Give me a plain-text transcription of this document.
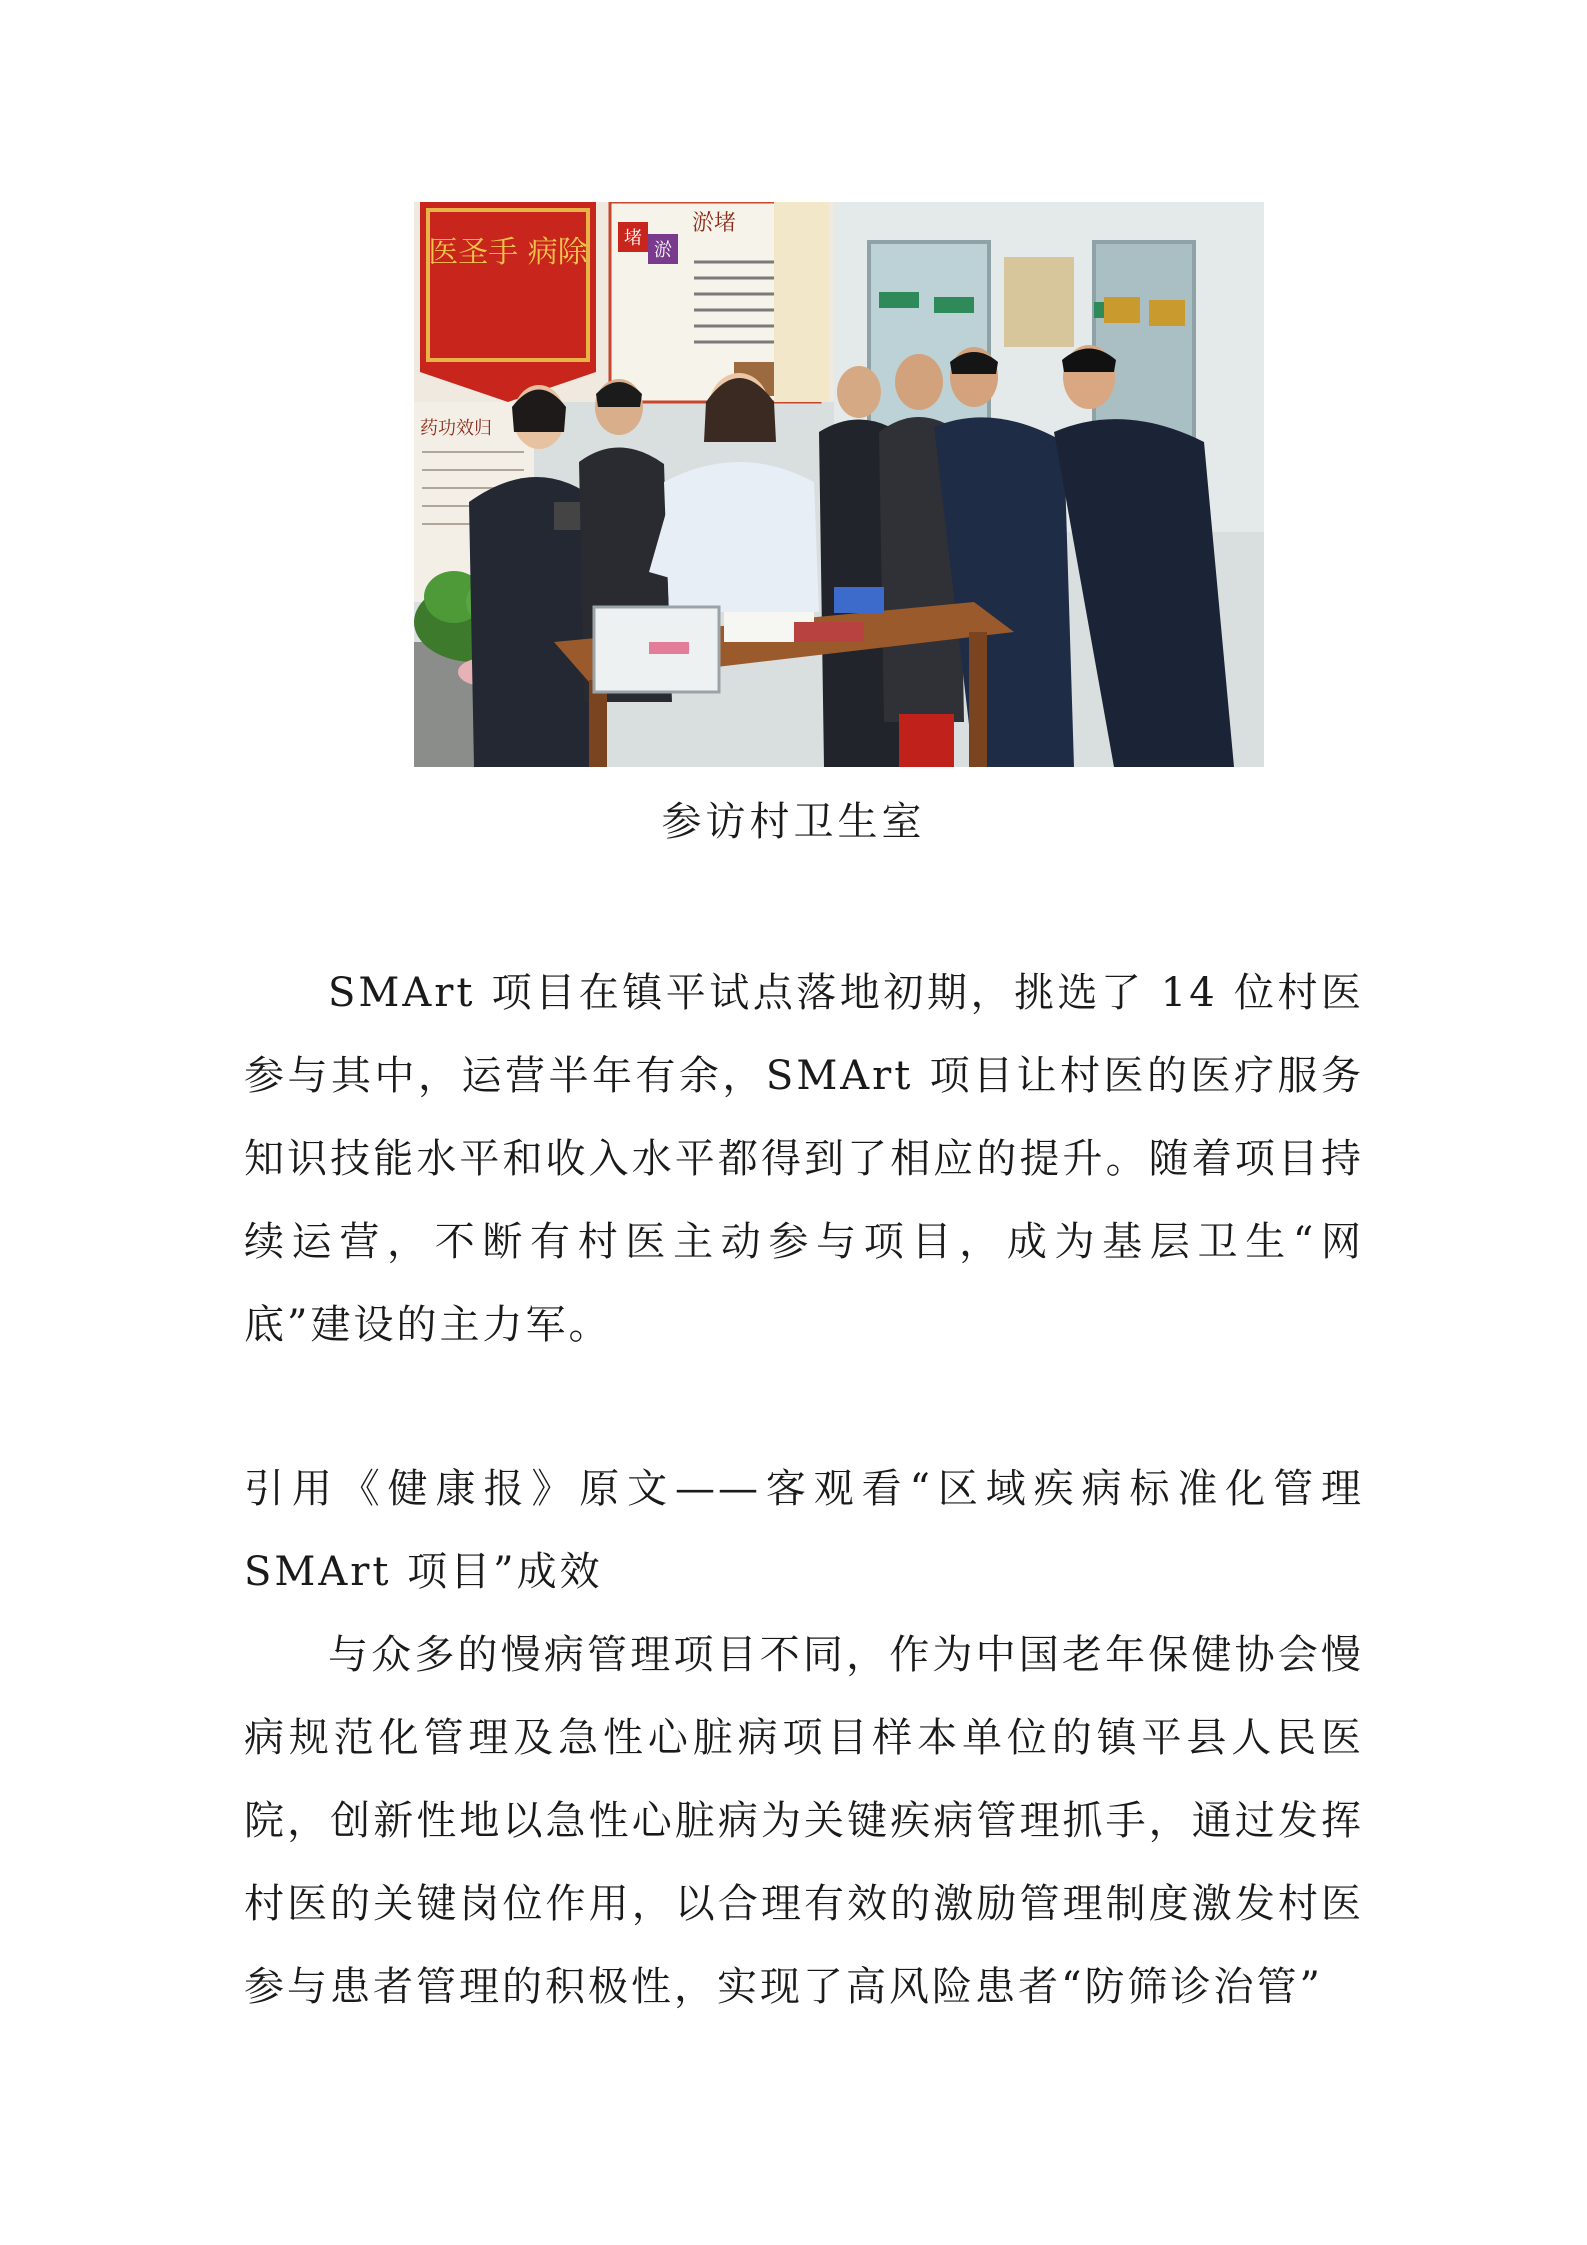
医圣手 病除
淤堵
堵
淤
药功效归
参访村卫生室

SMArt 项目在镇平试点落地初期，挑选了 14 位村医参与其中，运营半年有余，SMArt 项目让村医的医疗服务知识技能水平和收入水平都得到了相应的提升。随着项目持续运营，不断有村医主动参与项目，成为基层卫生“网底”建设的主力军。

引用《健康报》原文——客观看“区域疾病标准化管理 SMArt 项目”成效

与众多的慢病管理项目不同，作为中国老年保健协会慢病规范化管理及急性心脏病项目样本单位的镇平县人民医院，创新性地以急性心脏病为关键疾病管理抓手，通过发挥村医的关键岗位作用，以合理有效的激励管理制度激发村医参与患者管理的积极性，实现了高风险患者“防筛诊治管”
